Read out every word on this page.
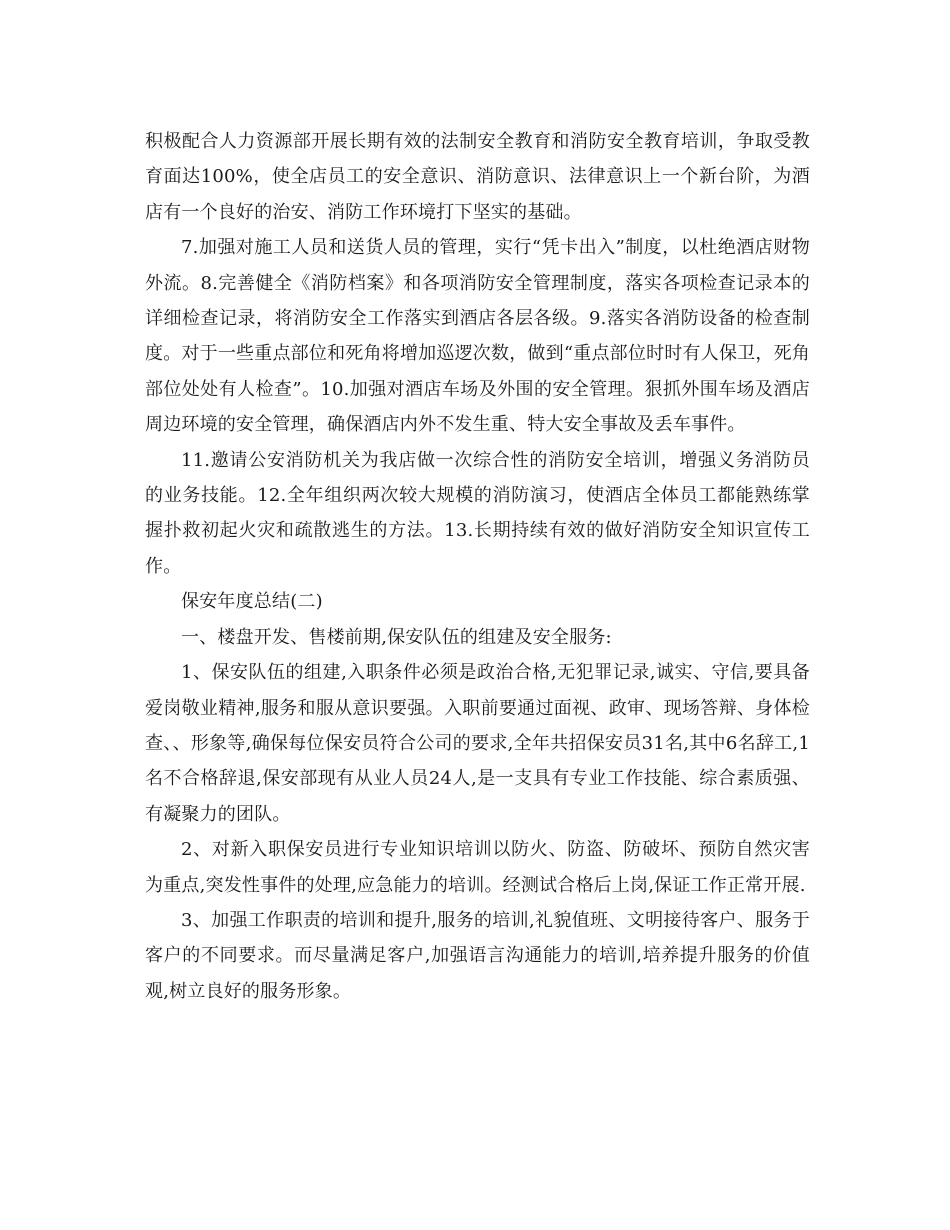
积极配合人力资源部开展长期有效的法制安全教育和消防安全教育培训，争取受教育面达100%，使全店员工的安全意识、消防意识、法律意识上一个新台阶，为酒店有一个良好的治安、消防工作环境打下坚实的基础。

7.加强对施工人员和送货人员的管理，实行“凭卡出入”制度，以杜绝酒店财物外流。8.完善健全《消防档案》和各项消防安全管理制度，落实各项检查记录本的详细检查记录，将消防安全工作落实到酒店各层各级。9.落实各消防设备的检查制度。对于一些重点部位和死角将增加巡逻次数，做到“重点部位时时有人保卫，死角部位处处有人检查”。10.加强对酒店车场及外围的安全管理。狠抓外围车场及酒店周边环境的安全管理，确保酒店内外不发生重、特大安全事故及丢车事件。

11.邀请公安消防机关为我店做一次综合性的消防安全培训，增强义务消防员的业务技能。12.全年组织两次较大规模的消防演习，使酒店全体员工都能熟练掌握扑救初起火灾和疏散逃生的方法。13.长期持续有效的做好消防安全知识宣传工作。

保安年度总结(二)

一、楼盘开发、售楼前期,保安队伍的组建及安全服务:

1、保安队伍的组建,入职条件必须是政治合格,无犯罪记录,诚实、守信,要具备爱岗敬业精神,服务和服从意识要强。入职前要通过面视、政审、现场答辩、身体检查、、形象等,确保每位保安员符合公司的要求,全年共招保安员31名,其中6名辞工,1名不合格辞退,保安部现有从业人员24人,是一支具有专业工作技能、综合素质强、有凝聚力的团队。

2、对新入职保安员进行专业知识培训以防火、防盗、防破坏、预防自然灾害为重点,突发性事件的处理,应急能力的培训。经测试合格后上岗,保证工作正常开展.

3、加强工作职责的培训和提升,服务的培训,礼貌值班、文明接待客户、服务于客户的不同要求。而尽量满足客户,加强语言沟通能力的培训,培养提升服务的价值观,树立良好的服务形象。
